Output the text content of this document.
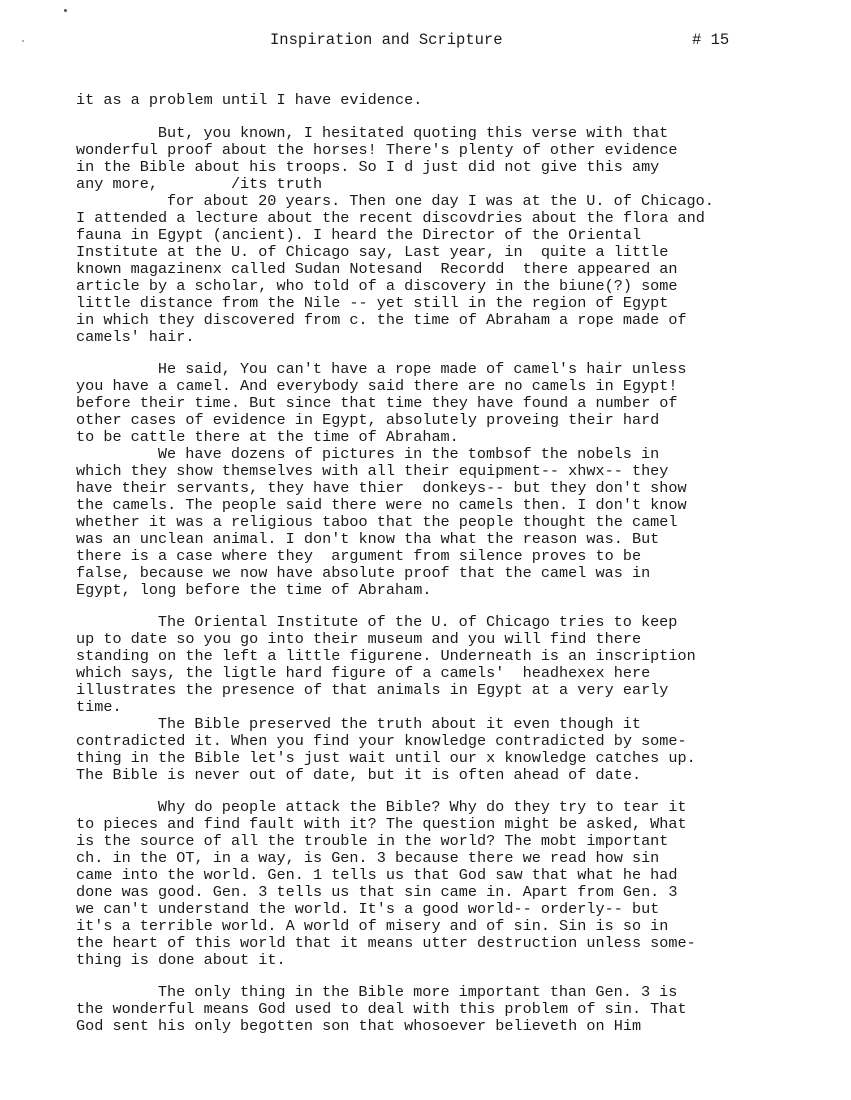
Inspiration and Scripture	# 15
it as a problem until I have evidence.
But, you known, I hesitated quoting this verse with that
wonderful proof about the horses! There's plenty of other evidence
in the Bible about his troops. So I d just did not give this amy
any more,        /its truth
for about 20 years. Then one day I was at the U. of Chicago.
I attended a lecture about the recent discovdries about the flora and
fauna in Egypt (ancient). I heard the Director of the Oriental
Institute at the U. of Chicago say, Last year, in  quite a little
known magazinenx called Sudan Notesand  Recordd  there appeared an
article by a scholar, who told of a discovery in the biune(?) some
little distance from the Nile -- yet still in the region of Egypt
in which they discovered from c. the time of Abraham a rope made of
camels' hair.
He said, You can't have a rope made of camel's hair unless
you have a camel. And everybody said there are no camels in Egypt!
before their time. But since that time they have found a number of
other cases of evidence in Egypt, absolutely proveing their hard
to be cattle there at the time of Abraham.
We have dozens of pictures in the tombsof the nobels in
which they show themselves with all their equipment-- xhwx-- they
have their servants, they have thier  donkeys-- but they don't show
the camels. The people said there were no camels then. I don't know
whether it was a religious taboo that the people thought the camel
was an unclean animal. I don't know tha what the reason was. But
there is a case where they  argument from silence proves to be
false, because we now have absolute proof that the camel was in
Egypt, long before the time of Abraham.
The Oriental Institute of the U. of Chicago tries to keep
up to date so you go into their museum and you will find there
standing on the left a little figurene. Underneath is an inscription
which says, the ligtle hard figure of a camels'  headhexex here
illustrates the presence of that animals in Egypt at a very early
time.
The Bible preserved the truth about it even though it
contradicted it. When you find your knowledge contradicted by some-
thing in the Bible let's just wait until our x knowledge catches up.
The Bible is never out of date, but it is often ahead of date.
Why do people attack the Bible? Why do they try to tear it
to pieces and find fault with it? The question might be asked, What
is the source of all the trouble in the world? The mobt important
ch. in the OT, in a way, is Gen. 3 because there we read how sin
came into the world. Gen. 1 tells us that God saw that what he had
done was good. Gen. 3 tells us that sin came in. Apart from Gen. 3
we can't understand the world. It's a good world-- orderly-- but
it's a terrible world. A world of misery and of sin. Sin is so in
the heart of this world that it means utter destruction unless some-
thing is done about it.
The only thing in the Bible more important than Gen. 3 is
the wonderful means God used to deal with this problem of sin. That
God sent his only begotten son that whosoever believeth on Him
